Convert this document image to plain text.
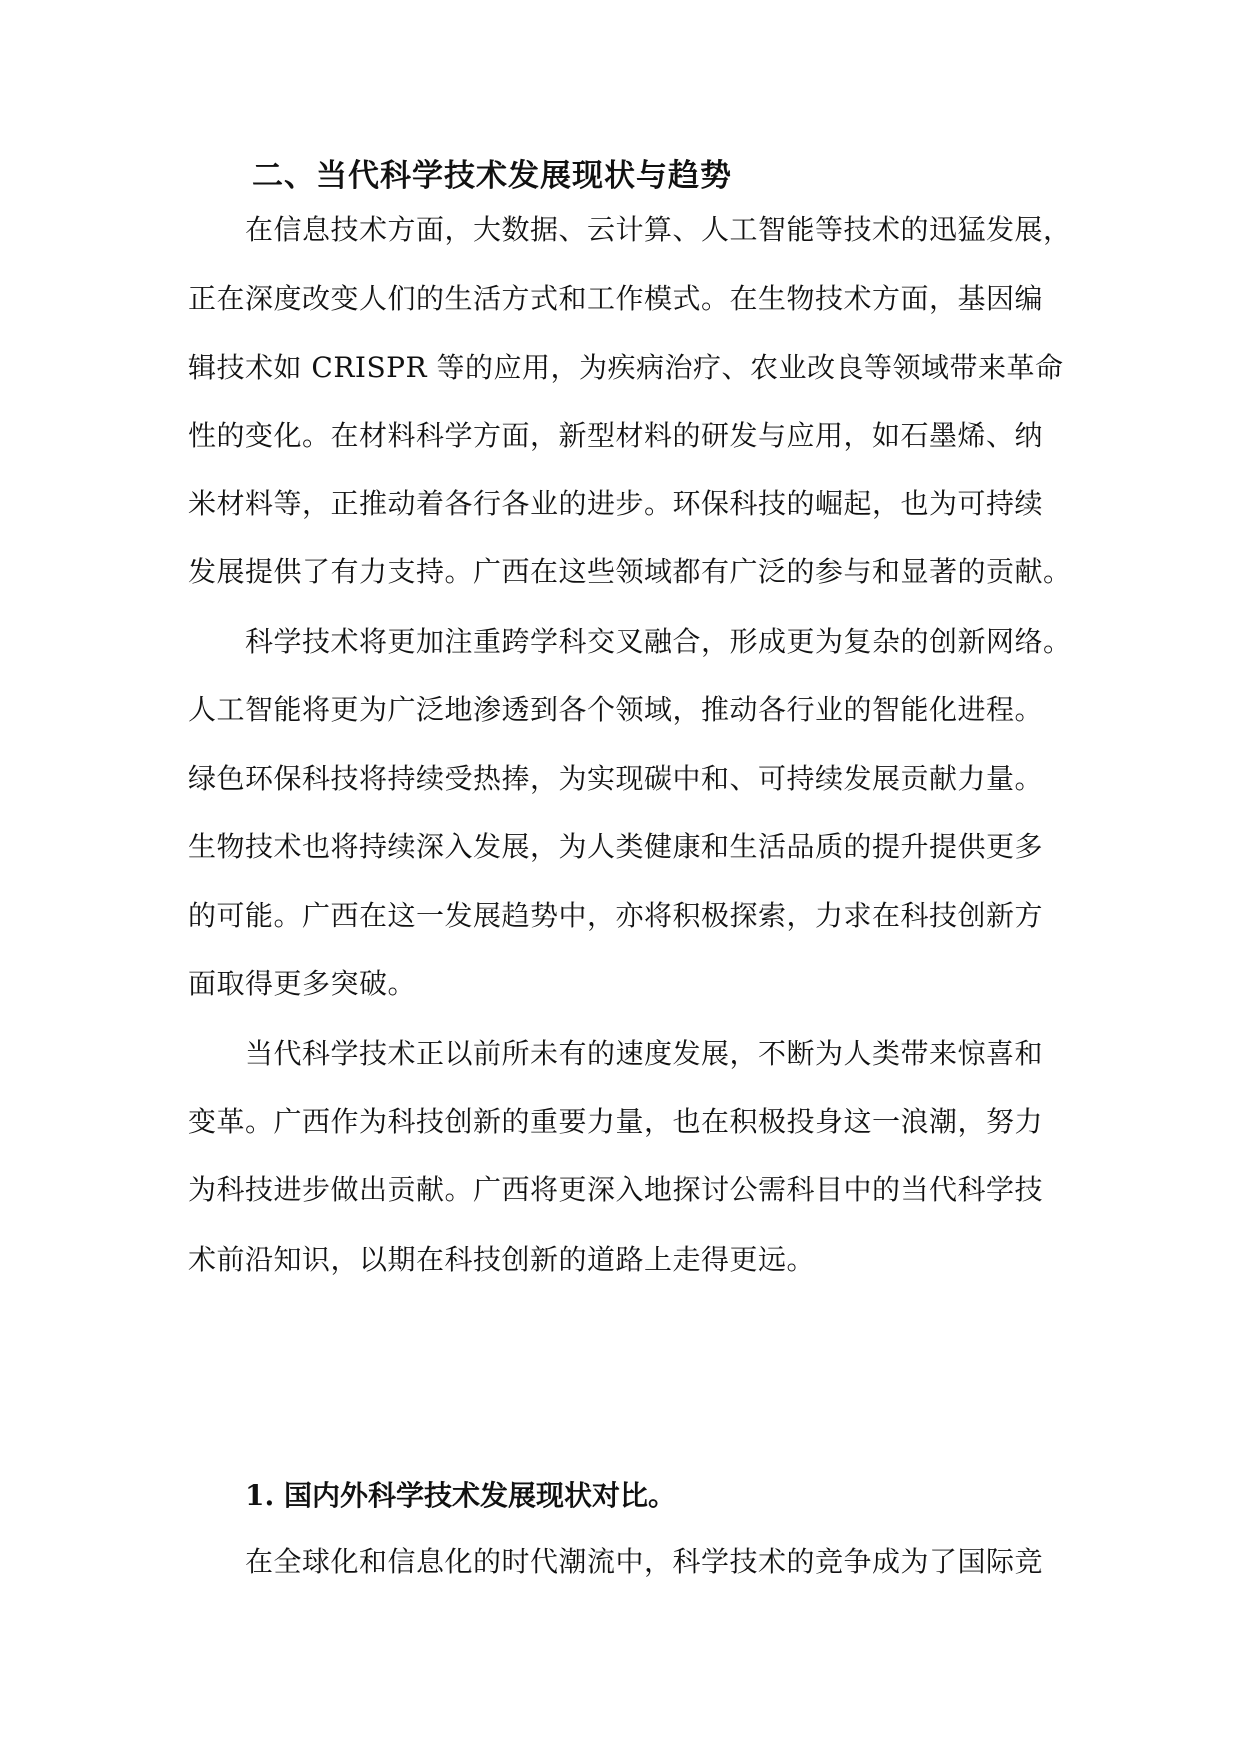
二、当代科学技术发展现状与趋势

在信息技术方面，大数据、云计算、人工智能等技术的迅猛发展，

正在深度改变人们的生活方式和工作模式。在生物技术方面，基因编

辑技术如 CRISPR 等的应用，为疾病治疗、农业改良等领域带来革命

性的变化。在材料科学方面，新型材料的研发与应用，如石墨烯、纳

米材料等，正推动着各行各业的进步。环保科技的崛起，也为可持续

发展提供了有力支持。广西在这些领域都有广泛的参与和显著的贡献。

科学技术将更加注重跨学科交叉融合，形成更为复杂的创新网络。

人工智能将更为广泛地渗透到各个领域，推动各行业的智能化进程。

绿色环保科技将持续受热捧，为实现碳中和、可持续发展贡献力量。

生物技术也将持续深入发展，为人类健康和生活品质的提升提供更多

的可能。广西在这一发展趋势中，亦将积极探索，力求在科技创新方

面取得更多突破。

当代科学技术正以前所未有的速度发展，不断为人类带来惊喜和

变革。广西作为科技创新的重要力量，也在积极投身这一浪潮，努力

为科技进步做出贡献。广西将更深入地探讨公需科目中的当代科学技

术前沿知识，以期在科技创新的道路上走得更远。

1. 国内外科学技术发展现状对比。

在全球化和信息化的时代潮流中，科学技术的竞争成为了国际竞
